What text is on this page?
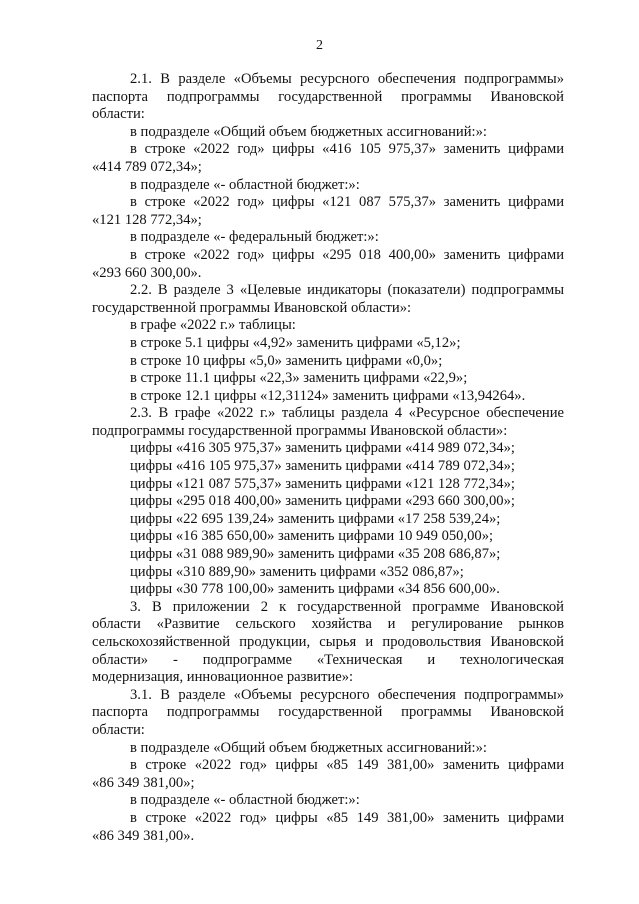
2
2.1. В разделе «Объемы ресурсного обеспечения подпрограммы»
паспорта подпрограммы государственной программы Ивановской
области:
в подразделе «Общий объем бюджетных ассигнований:»:
в строке «2022 год» цифры «416 105 975,37» заменить цифрами
«414 789 072,34»;
в подразделе «- областной бюджет:»:
в строке «2022 год» цифры «121 087 575,37» заменить цифрами
«121 128 772,34»;
в подразделе «- федеральный бюджет:»:
в строке «2022 год» цифры «295 018 400,00» заменить цифрами
«293 660 300,00».
2.2. В разделе 3 «Целевые индикаторы (показатели) подпрограммы
государственной программы Ивановской области»:
в графе «2022 г.» таблицы:
в строке 5.1 цифры «4,92» заменить цифрами «5,12»;
в строке 10 цифры «5,0» заменить цифрами «0,0»;
в строке 11.1 цифры «22,3» заменить цифрами «22,9»;
в строке 12.1 цифры «12,31124» заменить цифрами «13,94264».
2.3. В графе «2022 г.» таблицы раздела 4 «Ресурсное обеспечение
подпрограммы государственной программы Ивановской области»:
цифры «416 305 975,37» заменить цифрами «414 989 072,34»;
цифры «416 105 975,37» заменить цифрами «414 789 072,34»;
цифры «121 087 575,37» заменить цифрами «121 128 772,34»;
цифры «295 018 400,00» заменить цифрами «293 660 300,00»;
цифры «22 695 139,24» заменить цифрами «17 258 539,24»;
цифры «16 385 650,00» заменить цифрами 10 949 050,00»;
цифры «31 088 989,90» заменить цифрами «35 208 686,87»;
цифры «310 889,90» заменить цифрами «352 086,87»;
цифры «30 778 100,00» заменить цифрами «34 856 600,00».
3. В приложении 2 к государственной программе Ивановской
области «Развитие сельского хозяйства и регулирование рынков
сельскохозяйственной продукции, сырья и продовольствия Ивановской
области» - подпрограмме «Техническая и технологическая
модернизация, инновационное развитие»:
3.1. В разделе «Объемы ресурсного обеспечения подпрограммы»
паспорта подпрограммы государственной программы Ивановской
области:
в подразделе «Общий объем бюджетных ассигнований:»:
в строке «2022 год» цифры «85 149 381,00» заменить цифрами
«86 349 381,00»;
в подразделе «- областной бюджет:»:
в строке «2022 год» цифры «85 149 381,00» заменить цифрами
«86 349 381,00».
